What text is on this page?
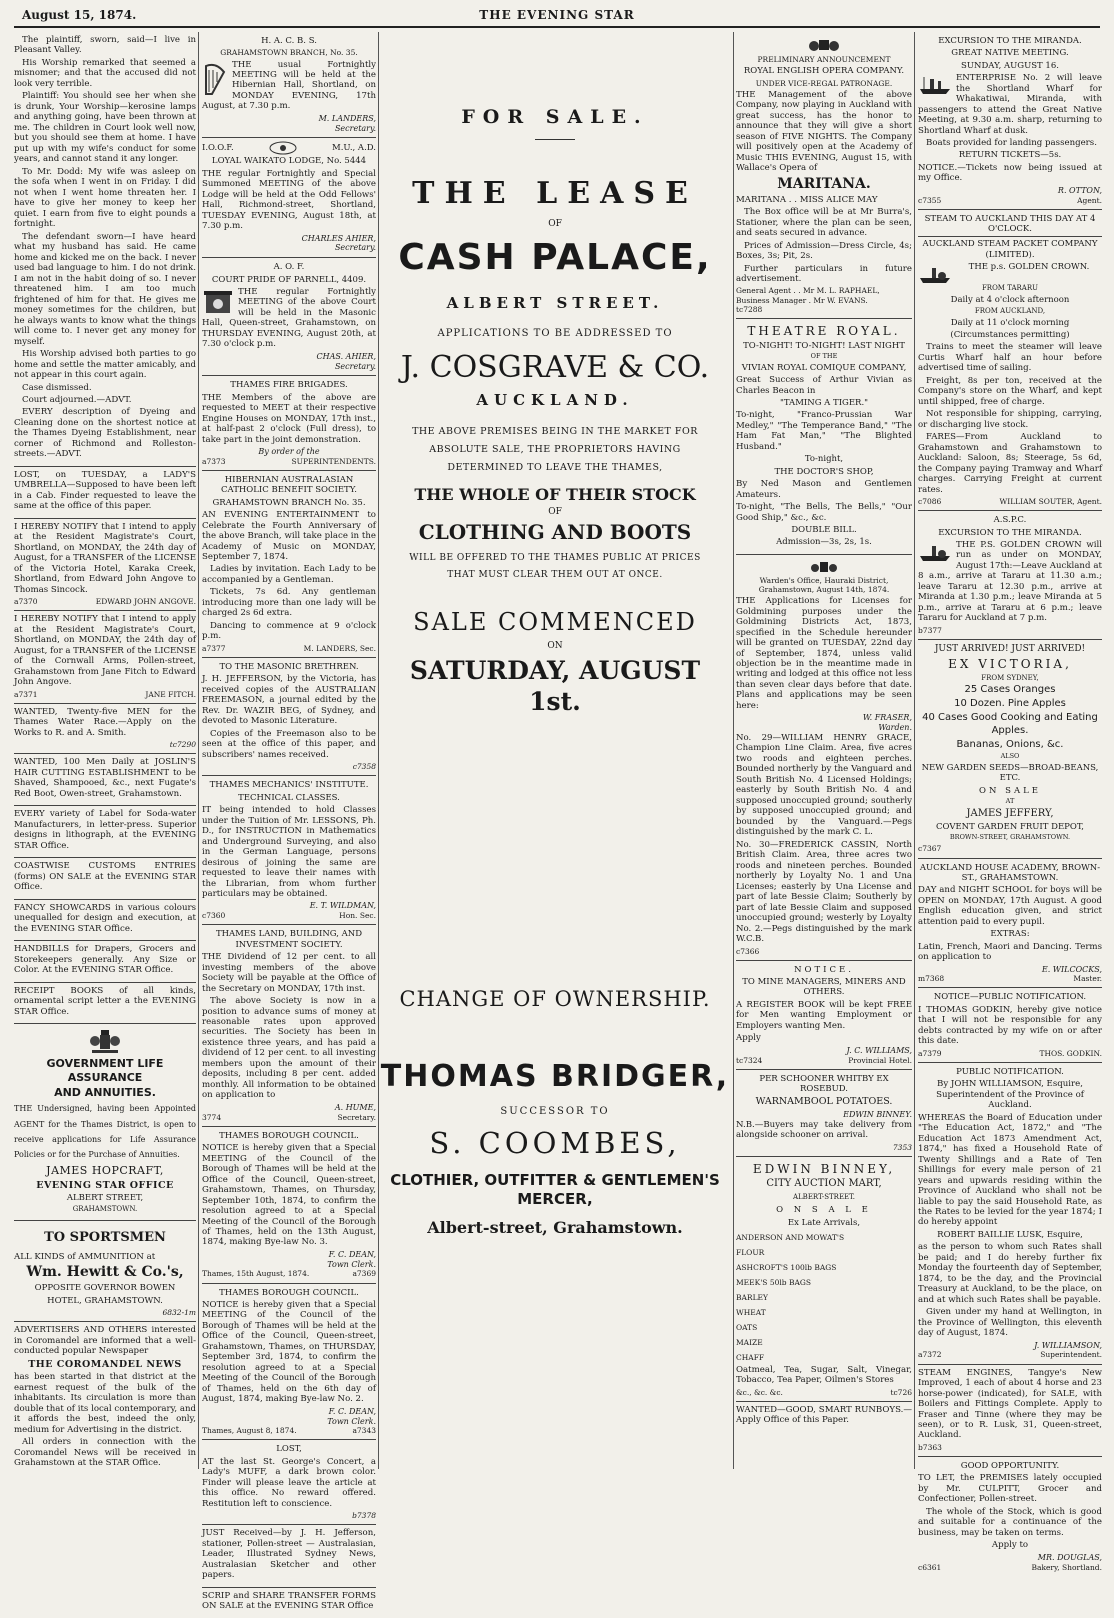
August 15, 1874.	THE EVENING STAR

The plaintiff, sworn, said—I live in Pleasant Valley.

His Worship remarked that seemed a misnomer; and that the accused did not look very terrible.

Plaintiff: You should see her when she is drunk, Your Worship—kerosine lamps and anything going, have been thrown at me. The children in Court look well now, but you should see them at home. I have put up with my wife's conduct for some years, and cannot stand it any longer.

To Mr. Dodd: My wife was asleep on the sofa when I went in on Friday. I did not when I went home threaten her. I have to give her money to keep her quiet. I earn from five to eight pounds a fortnight.

The defendant sworn—I have heard what my husband has said. He came home and kicked me on the back. I never used bad language to him. I do not drink. I am not in the habit doing of so. I never threatened him. I am too much frightened of him for that. He gives me money sometimes for the children, but he always wants to know what the things will come to. I never get any money for myself.

His Worship advised both parties to go home and settle the matter amicably, and not appear in this court again.

Case dismissed.

Court adjourned.—ADVT.

EVERY description of Dyeing and Cleaning done on the shortest notice at the Thames Dyeing Establishment, near corner of Richmond and Rolleston-streets.—ADVT.

LOST, on TUESDAY, a LADY'S UMBRELLA—Supposed to have been left in a Cab. Finder requested to leave the same at the office of this paper.

I HEREBY NOTIFY that I intend to apply at the Resident Magistrate's Court, Shortland, on MONDAY, the 24th day of August, for a TRANSFER of the LICENSE of the Victoria Hotel, Karaka Creek, Shortland, from Edward John Angove to Thomas Sincock.

a7370	EDWARD JOHN ANGOVE.

I HEREBY NOTIFY that I intend to apply at the Resident Magistrate's Court, Shortland, on MONDAY, the 24th day of August, for a TRANSFER of the LICENSE of the Cornwall Arms, Pollen-street, Grahamstown from Jane Fitch to Edward John Angove.

a7371	JANE FITCH.

WANTED, Twenty-five MEN for the Thames Water Race.—Apply on the Works to R. and A. Smith.

tc7290

WANTED, 100 Men Daily at JOSLIN'S HAIR CUTTING ESTABLISHMENT to be Shaved, Shampooed, &c., next Fugate's Red Boot, Owen-street, Grahamstown.

EVERY variety of Label for Soda-water Manufacturers, in letter-press. Superior designs in lithograph, at the EVENING STAR Office.

COASTWISE CUSTOMS ENTRIES (forms) ON SALE at the EVENING STAR Office.

FANCY SHOWCARDS in various colours unequalled for design and execution, at the EVENING STAR Office.

HANDBILLS for Drapers, Grocers and Storekeepers generally. Any Size or Color. At the EVENING STAR Office.

RECEIPT BOOKS of all kinds, ornamental script letter a the EVENING STAR Office.

GOVERNMENT LIFE ASSURANCE
AND ANNUITIES.

THE Undersigned, having been Appointed AGENT for the Thames District, is open to receive applications for Life Assurance Policies or for the Purchase of Annuities.

JAMES HOPCRAFT,
EVENING STAR OFFICE
ALBERT STREET,
GRAHAMSTOWN.
TO SPORTSMEN

ALL KINDS of AMMUNITION at

Wm. Hewitt & Co.'s,
OPPOSITE GOVERNOR BOWEN
HOTEL, GRAHAMSTOWN.
6832-1m

ADVERTISERS AND OTHERS interested in Coromandel are informed that a well-conducted popular Newspaper

THE COROMANDEL NEWS

has been started in that district at the earnest request of the bulk of the inhabitants. Its circulation is more than double that of its local contemporary, and it affords the best, indeed the only, medium for Advertising in the district.

All orders in connection with the Coromandel News will be received in Grahamstown at the STAR Office.

H. A. C. B. S.
GRAHAMSTOWN BRANCH, No. 35.

THE usual Fortnightly MEETING will be held at the Hibernian Hall, Shortland, on MONDAY EVENING, 17th August, at 7.30 p.m.

M. LANDERS,
Secretary.
I.O.O.F.	M.U., A.D.
LOYAL WAIKATO LODGE, No. 5444

THE regular Fortnightly and Special Summoned MEETING of the above Lodge will be held at the Odd Fellows' Hall, Richmond-street, Shortland, TUESDAY EVENING, August 18th, at 7.30 p.m.

CHARLES AHIER,
Secretary.
A. O. F.
COURT PRIDE OF PARNELL, 4409.

THE regular Fortnightly MEETING of the above Court will be held in the Masonic Hall, Queen-street, Grahamstown, on THURSDAY EVENING, August 20th, at 7.30 o'clock p.m.

CHAS. AHIER,
Secretary.
THAMES FIRE BRIGADES.

THE Members of the above are requested to MEET at their respective Engine Houses on MONDAY, 17th inst., at half-past 2 o'clock (Full dress), to take part in the joint demonstration.

By order of the
a7373	SUPERINTENDENTS.
HIBERNIAN AUSTRALASIAN CATHOLIC BENEFIT SOCIETY.
GRAHAMSTOWN BRANCH No. 35.

AN EVENING ENTERTAINMENT to Celebrate the Fourth Anniversary of the above Branch, will take place in the Academy of Music on MONDAY, September 7, 1874.

Ladies by invitation. Each Lady to be accompanied by a Gentleman.

Tickets, 7s 6d. Any gentleman introducing more than one lady will be charged 2s 6d extra.

Dancing to commence at 9 o'clock p.m.

a7377	M. LANDERS, Sec.
TO THE MASONIC BRETHREN.

J. H. JEFFERSON, by the Victoria, has received copies of the AUSTRALIAN FREEMASON, a journal edited by the Rev. Dr. WAZIR BEG, of Sydney, and devoted to Masonic Literature.

Copies of the Freemason also to be seen at the office of this paper, and subscribers' names received.

c7358
THAMES MECHANICS' INSTITUTE.
TECHNICAL CLASSES.

IT being intended to hold Classes under the Tuition of Mr. LESSONS, Ph. D., for INSTRUCTION in Mathematics and Underground Surveying, and also in the German Language, persons desirous of joining the same are requested to leave their names with the Librarian, from whom further particulars may be obtained.

E. T. WILDMAN,
c7360	Hon. Sec.
THAMES LAND, BUILDING, AND INVESTMENT SOCIETY.

THE Dividend of 12 per cent. to all investing members of the above Society will be payable at the Office of the Secretary on MONDAY, 17th inst.

The above Society is now in a position to advance sums of money at reasonable rates upon approved securities. The Society has been in existence three years, and has paid a dividend of 12 per cent. to all investing members upon the amount of their deposits, including 8 per cent. added monthly. All information to be obtained on application to

A. HUME,
3774	Secretary.
THAMES BOROUGH COUNCIL.

NOTICE is hereby given that a Special MEETING of the Council of the Borough of Thames will be held at the Office of the Council, Queen-street, Grahamstown, Thames, on Thursday, September 10th, 1874, to confirm the resolution agreed to at a Special Meeting of the Council of the Borough of Thames, held on the 13th August, 1874, making Bye-law No. 3.

F. C. DEAN,
Town Clerk.
Thames, 15th August, 1874.	a7369
THAMES BOROUGH COUNCIL.

NOTICE is hereby given that a Special MEETING of the Council of the Borough of Thames will be held at the Office of the Council, Queen-street, Grahamstown, Thames, on THURSDAY, September 3rd, 1874, to confirm the resolution agreed to at a Special Meeting of the Council of the Borough of Thames, held on the 6th day of August, 1874, making Bye-law No. 2.

F. C. DEAN,
Town Clerk.
Thames, August 8, 1874.	a7343
LOST,

AT the last St. George's Concert, a Lady's MUFF, a dark brown color. Finder will please leave the article at this office. No reward offered. Restitution left to conscience.

b7378

JUST Received—by J. H. Jefferson, stationer, Pollen-street — Australasian, Leader, Illustrated Sydney News, Australasian Sketcher and other papers.

SCRIP and SHARE TRANSFER FORMS ON SALE at the EVENING STAR Office

FOR SALE.
THE LEASE
OF
CASH PALACE,
ALBERT STREET.
APPLICATIONS TO BE ADDRESSED TO
J. COSGRAVE & CO.
AUCKLAND.
THE ABOVE PREMISES BEING IN THE MARKET FOR
ABSOLUTE SALE, THE PROPRIETORS HAVING
DETERMINED TO LEAVE THE THAMES,
THE WHOLE OF THEIR STOCK
OF
CLOTHING AND BOOTS
WILL BE OFFERED TO THE THAMES PUBLIC AT PRICES
THAT MUST CLEAR THEM OUT AT ONCE.
SALE COMMENCED
ON
SATURDAY, AUGUST 1st.
CHANGE OF OWNERSHIP.
THOMAS BRIDGER,
SUCCESSOR TO
S. COOMBES,
CLOTHIER, OUTFITTER & GENTLEMEN'S MERCER,
Albert-street, Grahamstown.
PRELIMINARY ANNOUNCEMENT
ROYAL ENGLISH OPERA COMPANY.
UNDER VICE-REGAL PATRONAGE.

THE Management of the above Company, now playing in Auckland with great success, has the honor to announce that they will give a short season of FIVE NIGHTS. The Company will positively open at the Academy of Music THIS EVENING, August 15, with Wallace's Opera of

MARITANA.

MARITANA . . MISS ALICE MAY

The Box office will be at Mr Burra's, Stationer, where the plan can be seen, and seats secured in advance.

Prices of Admission—Dress Circle, 4s; Boxes, 3s; Pit, 2s.

Further particulars in future advertisement.

General Agent . . Mr M. L. RAPHAEL,

Business Manager . Mr W. EVANS.

tc7288
THEATRE ROYAL.
TO-NIGHT! TO-NIGHT! LAST NIGHT
OF THE
VIVIAN ROYAL COMIQUE COMPANY,

Great Success of Arthur Vivian as Charles Beacon in

"TAMING A TIGER."

To-night, "Franco-Prussian War Medley," "The Temperance Band," "The Ham Fat Man," "The Blighted Husband."

To-night,
THE DOCTOR'S SHOP,

By Ned Mason and Gentlemen Amateurs.

To-night, "The Bells, The Bells," "Our Good Ship," &c., &c.

DOUBLE BILL.
Admission—3s, 2s, 1s.
Warden's Office, Hauraki District, Grahamstown, August 14th, 1874.

THE Applications for Licenses for Goldmining purposes under the Goldmining Districts Act, 1873, specified in the Schedule hereunder will be granted on TUESDAY, 22nd day of September, 1874, unless valid objection be in the meantime made in writing and lodged at this office not less than seven clear days before that date. Plans and applications may be seen here:

W. FRASER,
Warden.

No. 29—WILLIAM HENRY GRACE, Champion Line Claim. Area, five acres two roods and eighteen perches. Bounded northerly by the Vanguard and South British No. 4 Licensed Holdings; easterly by South British No. 4 and supposed unoccupied ground; southerly by supposed unoccupied ground; and bounded by the Vanguard.—Pegs distinguished by the mark C. L.

No. 30—FREDERICK CASSIN, North British Claim. Area, three acres two roods and nineteen perches. Bounded northerly by Loyalty No. 1 and Una Licenses; easterly by Una License and part of late Bessie Claim; Southerly by part of late Bessie Claim and supposed unoccupied ground; westerly by Loyalty No. 2.—Pegs distinguished by the mark W.C.B.

c7366
NOTICE.
TO MINE MANAGERS, MINERS AND OTHERS.

A REGISTER BOOK will be kept FREE for Men wanting Employment or Employers wanting Men.

Apply

J. C. WILLIAMS,
tc7324	Provincial Hotel.
PER SCHOONER WHITBY EX ROSEBUD.
WARNAMBOOL POTATOES.
EDWIN BINNEY.

N.B.—Buyers may take delivery from alongside schooner on arrival.

7353
EDWIN BINNEY,
CITY AUCTION MART,
ALBERT-STREET.
O N S A L E
Ex Late Arrivals,
ANDERSON AND MOWAT'S
FLOUR
ASHCROFT'S 100lb BAGS
MEEK'S 50lb BAGS
BARLEY
WHEAT
OATS
MAIZE
CHAFF

Oatmeal, Tea, Sugar, Salt, Vinegar, Tobacco, Tea Paper, Oilmen's Stores

&c., &c. &c.	tc726

WANTED—GOOD, SMART RUNBOYS.—Apply Office of this Paper.

EXCURSION TO THE MIRANDA.
GREAT NATIVE MEETING.
SUNDAY, AUGUST 16.

ENTERPRISE No. 2 will leave the Shortland Wharf for Whakatiwai, Miranda, with passengers to attend the Great Native Meeting, at 9.30 a.m. sharp, returning to Shortland Wharf at dusk.

Boats provided for landing passengers.

RETURN TICKETS—5s.

NOTICE.—Tickets now being issued at my Office.

R. OTTON,
c7355	Agent.
STEAM TO AUCKLAND THIS DAY AT 4 O'CLOCK.
AUCKLAND STEAM PACKET COMPANY (LIMITED).
THE p.s. GOLDEN CROWN.
FROM TARARU
Daily at 4 o'clock afternoon
FROM AUCKLAND,
Daily at 11 o'clock morning
(Circumstances permitting)

Trains to meet the steamer will leave Curtis Wharf half an hour before advertised time of sailing.

Freight, 8s per ton, received at the Company's store on the Wharf, and kept until shipped, free of charge.

Not responsible for shipping, carrying, or discharging live stock.

FARES—From Auckland to Grahamstown and Grahamstown to Auckland: Saloon, 8s; Steerage, 5s 6d, the Company paying Tramway and Wharf charges. Carrying Freight at current rates.

c7086	WILLIAM SOUTER, Agent.
A.S.P.C.
EXCURSION TO THE MIRANDA.

THE P.S. GOLDEN CROWN will run as under on MONDAY, August 17th:—Leave Auckland at 8 a.m., arrive at Tararu at 11.30 a.m.; leave Tararu at 12.30 p.m., arrive at Miranda at 1.30 p.m.; leave Miranda at 5 p.m., arrive at Tararu at 6 p.m.; leave Tararu for Auckland at 7 p.m.

b7377
JUST ARRIVED! JUST ARRIVED!
EX VICTORIA,
FROM SYDNEY,
25 Cases Oranges
10 Dozen. Pine Apples
40 Cases Good Cooking and Eating Apples.
Bananas, Onions, &c.
ALSO
NEW GARDEN SEEDS—BROAD-BEANS, ETC.
ON SALE
AT
JAMES JEFFERY,
COVENT GARDEN FRUIT DEPOT,
BROWN-STREET, GRAHAMSTOWN.
c7367
AUCKLAND HOUSE ACADEMY, BROWN-ST., GRAHAMSTOWN.

DAY and NIGHT SCHOOL for boys will be OPEN on MONDAY, 17th August. A good English education given, and strict attention paid to every pupil.

EXTRAS:

Latin, French, Maori and Dancing. Terms on application to

E. WILCOCKS,
m7368	Master.
NOTICE—PUBLIC NOTIFICATION.

I THOMAS GODKIN, hereby give notice that I will not be responsible for any debts contracted by my wife on or after this date.

a7379	THOS. GODKIN.
PUBLIC NOTIFICATION.

By JOHN WILLIAMSON, Esquire, Superintendent of the Province of Auckland.

WHEREAS the Board of Education under "The Education Act, 1872," and "The Education Act 1873 Amendment Act, 1874," has fixed a Household Rate of Twenty Shillings and a Rate of Ten Shillings for every male person of 21 years and upwards residing within the Province of Auckland who shall not be liable to pay the said Household Rate, as the Rates to be levied for the year 1874; I do hereby appoint

ROBERT BAILLIE LUSK, Esquire,

as the person to whom such Rates shall be paid; and I do hereby further fix Monday the fourteenth day of September, 1874, to be the day, and the Provincial Treasury at Auckland, to be the place, on and at which such Rates shall be payable.

Given under my hand at Wellington, in the Province of Wellington, this eleventh day of August, 1874.

J. WILLIAMSON,
a7372	Superintendent.

STEAM ENGINES, Tangye's New Improved, 1 each of about 4 horse and 23 horse-power (indicated), for SALE, with Boilers and Fittings Complete. Apply to Fraser and Tinne (where they may be seen), or to R. Lusk, 31, Queen-street, Auckland.

b7363
GOOD OPPORTUNITY.

TO LET, the PREMISES lately occupied by Mr. CULPITT, Grocer and Confectioner, Pollen-street.

The whole of the Stock, which is good and suitable for a continuance of the business, may be taken on terms.

Apply to

MR. DOUGLAS,
c6361	Bakery, Shortland.
